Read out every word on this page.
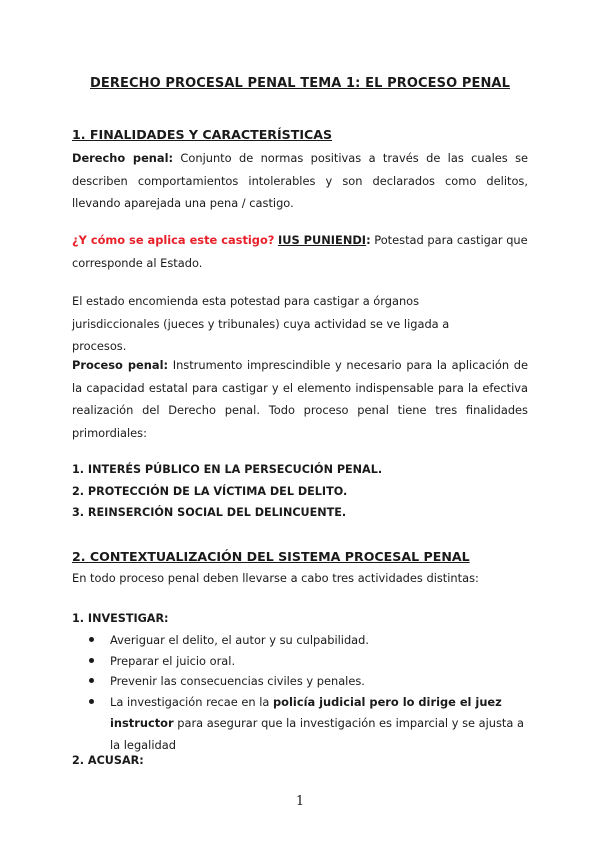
DERECHO PROCESAL PENAL TEMA 1: EL PROCESO PENAL
1. FINALIDADES Y CARACTERÍSTICAS
Derecho penal: Conjunto de normas positivas a través de las cuales se describen comportamientos intolerables y son declarados como delitos, llevando aparejada una pena / castigo.
¿Y cómo se aplica este castigo? IUS PUNIENDI: Potestad para castigar que corresponde al Estado.
El estado encomienda esta potestad para castigar a órganos jurisdiccionales (jueces y tribunales) cuya actividad se ve ligada a procesos.
Proceso penal: Instrumento imprescindible y necesario para la aplicación de la capacidad estatal para castigar y el elemento indispensable para la efectiva realización del Derecho penal. Todo proceso penal tiene tres finalidades primordiales:
1. INTERÉS PÚBLICO EN LA PERSECUCIÓN PENAL.
2. PROTECCIÓN DE LA VÍCTIMA DEL DELITO.
3. REINSERCIÓN SOCIAL DEL DELINCUENTE.
2. CONTEXTUALIZACIÓN DEL SISTEMA PROCESAL PENAL
En todo proceso penal deben llevarse a cabo tres actividades distintas:
1. INVESTIGAR:
Averiguar el delito, el autor y su culpabilidad.
Preparar el juicio oral.
Prevenir las consecuencias civiles y penales.
La investigación recae en la policía judicial pero lo dirige el juez instructor para asegurar que la investigación es imparcial y se ajusta a la legalidad
2. ACUSAR:
1
